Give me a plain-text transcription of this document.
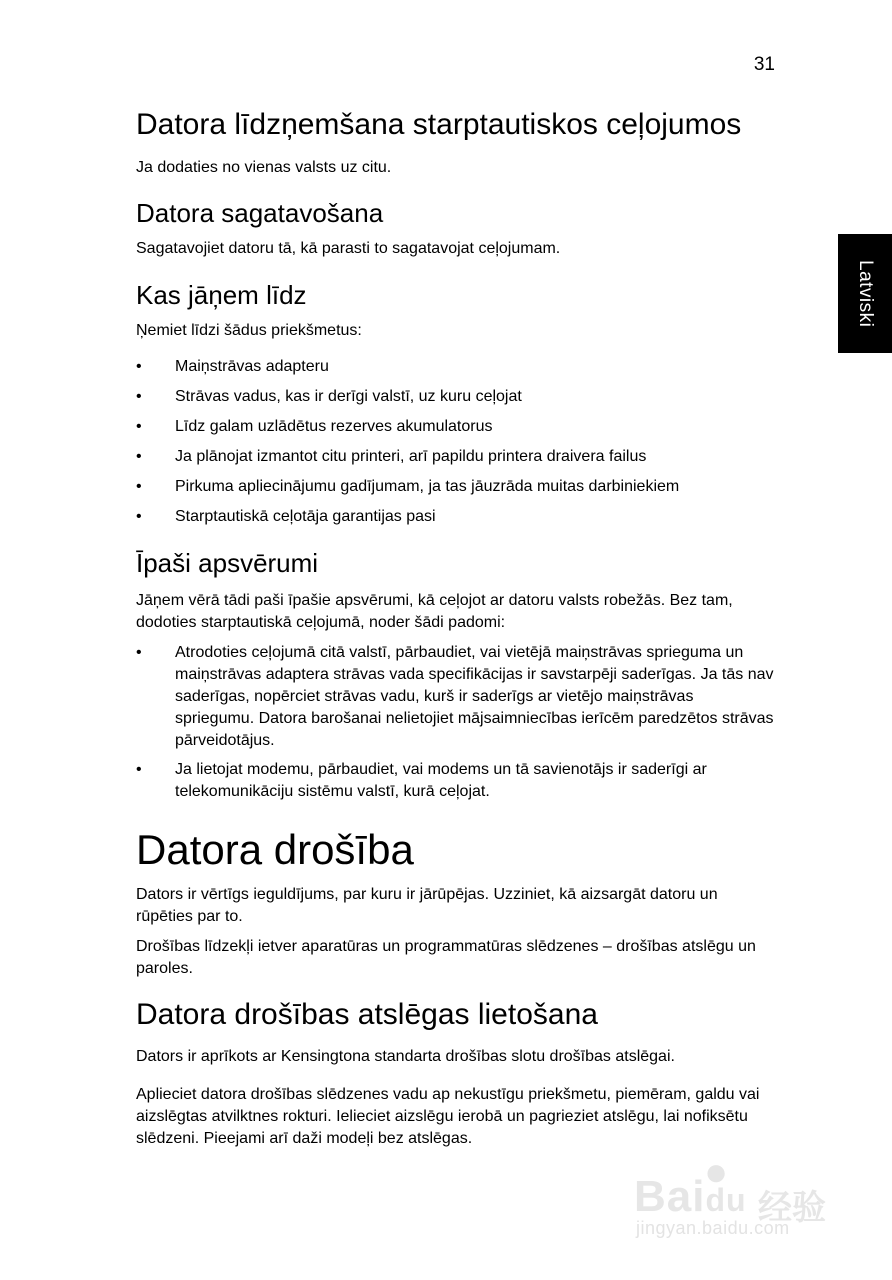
31
Latviski
Datora līdzņemšana starptautiskos ceļojumos
Ja dodaties no vienas valsts uz citu.
Datora sagatavošana
Sagatavojiet datoru tā, kā parasti to sagatavojat ceļojumam.
Kas jāņem līdz
Ņemiet līdzi šādus priekšmetus:
• Maiņstrāvas adapteru
• Strāvas vadus, kas ir derīgi valstī, uz kuru ceļojat
• Līdz galam uzlādētus rezerves akumulatorus
• Ja plānojat izmantot citu printeri, arī papildu printera draivera failus
• Pirkuma apliecinājumu gadījumam, ja tas jāuzrāda muitas darbiniekiem
• Starptautiskā ceļotāja garantijas pasi
Īpaši apsvērumi
Jāņem vērā tādi paši īpašie apsvērumi, kā ceļojot ar datoru valsts robežās. Bez tam, dodoties starptautiskā ceļojumā, noder šādi padomi:
• Atrodoties ceļojumā citā valstī, pārbaudiet, vai vietējā maiņstrāvas sprieguma un maiņstrāvas adaptera strāvas vada specifikācijas ir savstarpēji saderīgas. Ja tās nav saderīgas, nopērciet strāvas vadu, kurš ir saderīgs ar vietējo maiņstrāvas spriegumu. Datora barošanai nelietojiet mājsaimniecības ierīcēm paredzētos strāvas pārveidotājus.
• Ja lietojat modemu, pārbaudiet, vai modems un tā savienotājs ir saderīgi ar telekomunikāciju sistēmu valstī, kurā ceļojat.
Datora drošība
Dators ir vērtīgs ieguldījums, par kuru ir jārūpējas. Uzziniet, kā aizsargāt datoru un rūpēties par to.
Drošības līdzekļi ietver aparatūras un programmatūras slēdzenes – drošības atslēgu un paroles.
Datora drošības atslēgas lietošana
Dators ir aprīkots ar Kensingtona standarta drošības slotu drošības atslēgai.
Aplieciet datora drošības slēdzenes vadu ap nekustīgu priekšmetu, piemēram, galdu vai aizslēgtas atvilktnes rokturi. Ielieciet aizslēgu ierobā un pagrieziet atslēgu, lai nofiksētu slēdzeni. Pieejami arī daži modeļi bez atslēgas.
●
Baidu 经验
jingyan.baidu.com
